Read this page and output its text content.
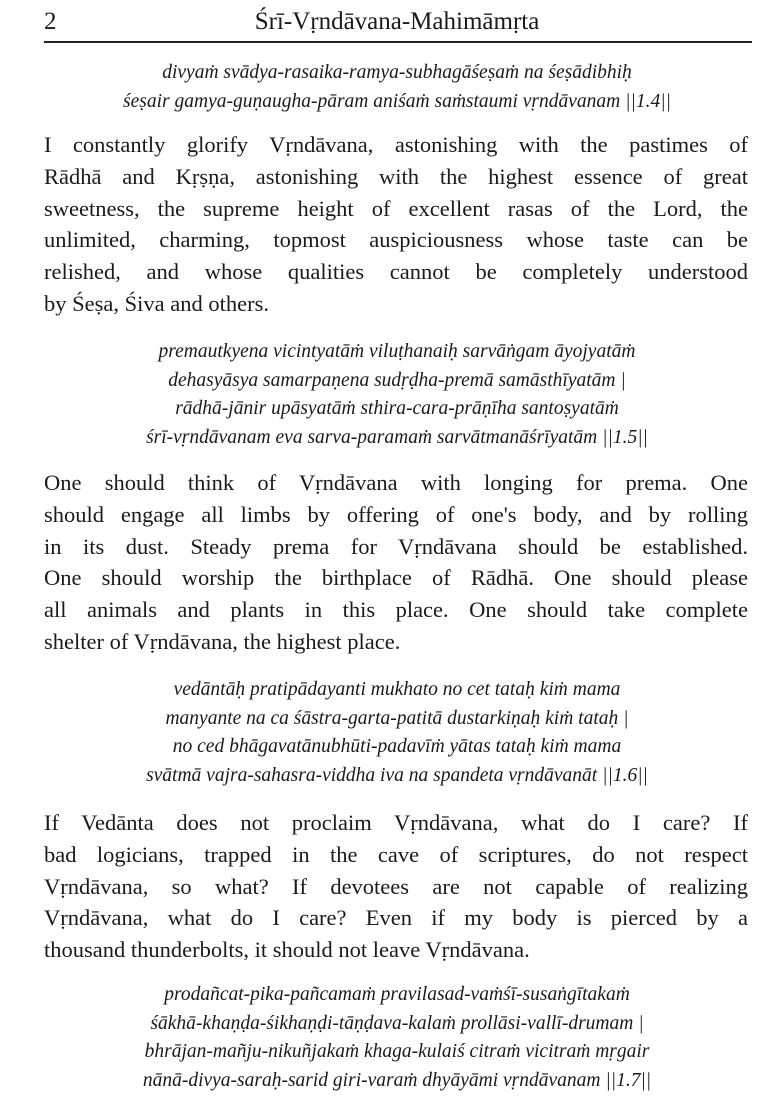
2	Śrī-Vṛndāvana-Mahimāmṛta
divyaṁ svādya-rasaika-ramya-subhagāśeṣaṁ na śeṣādibhiḥ
śeṣair gamya-guṇaugha-pāram aniśaṁ saṁstaumi vṛndāvanam ||1.4||
I constantly glorify Vṛndāvana, astonishing with the pastimes of
Rādhā and Kṛṣṇa, astonishing with the highest essence of great
sweetness, the supreme height of excellent rasas of the Lord, the
unlimited, charming, topmost auspiciousness whose taste can be
relished, and whose qualities cannot be completely understood
by Śeṣa, Śiva and others.
premautkyena vicintyatāṁ viluṭhanaiḥ sarvāṅgam āyojyatāṁ
dehasyāsya samarpaṇena sudṛḍha-premā samāsthīyatām |
rādhā-jānir upāsyatāṁ sthira-cara-prāṇīha santoṣyatāṁ
śrī-vṛndāvanam eva sarva-paramaṁ sarvātmanāśrīyatām ||1.5||
One should think of Vṛndāvana with longing for prema. One
should engage all limbs by offering of one's body, and by rolling
in its dust. Steady prema for Vṛndāvana should be established.
One should worship the birthplace of Rādhā. One should please
all animals and plants in this place. One should take complete
shelter of Vṛndāvana, the highest place.
vedāntāḥ pratipādayanti mukhato no cet tataḥ kiṁ mama
manyante na ca śāstra-garta-patitā dustarkiṇaḥ kiṁ tataḥ |
no ced bhāgavatānubhūti-padavīṁ yātas tataḥ kiṁ mama
svātmā vajra-sahasra-viddha iva na spandeta vṛndāvanāt ||1.6||
If Vedānta does not proclaim Vṛndāvana, what do I care? If
bad logicians, trapped in the cave of scriptures, do not respect
Vṛndāvana, so what? If devotees are not capable of realizing
Vṛndāvana, what do I care? Even if my body is pierced by a
thousand thunderbolts, it should not leave Vṛndāvana.
prodañcat-pika-pañcamaṁ pravilasad-vaṁśī-susaṅgītakaṁ
śākhā-khaṇḍa-śikhaṇḍi-tāṇḍava-kalaṁ prollāsi-vallī-drumam |
bhrājan-mañju-nikuñjakaṁ khaga-kulaiś citraṁ vicitraṁ mṛgair
nānā-divya-saraḥ-sarid giri-varaṁ dhyāyāmi vṛndāvanam ||1.7||
